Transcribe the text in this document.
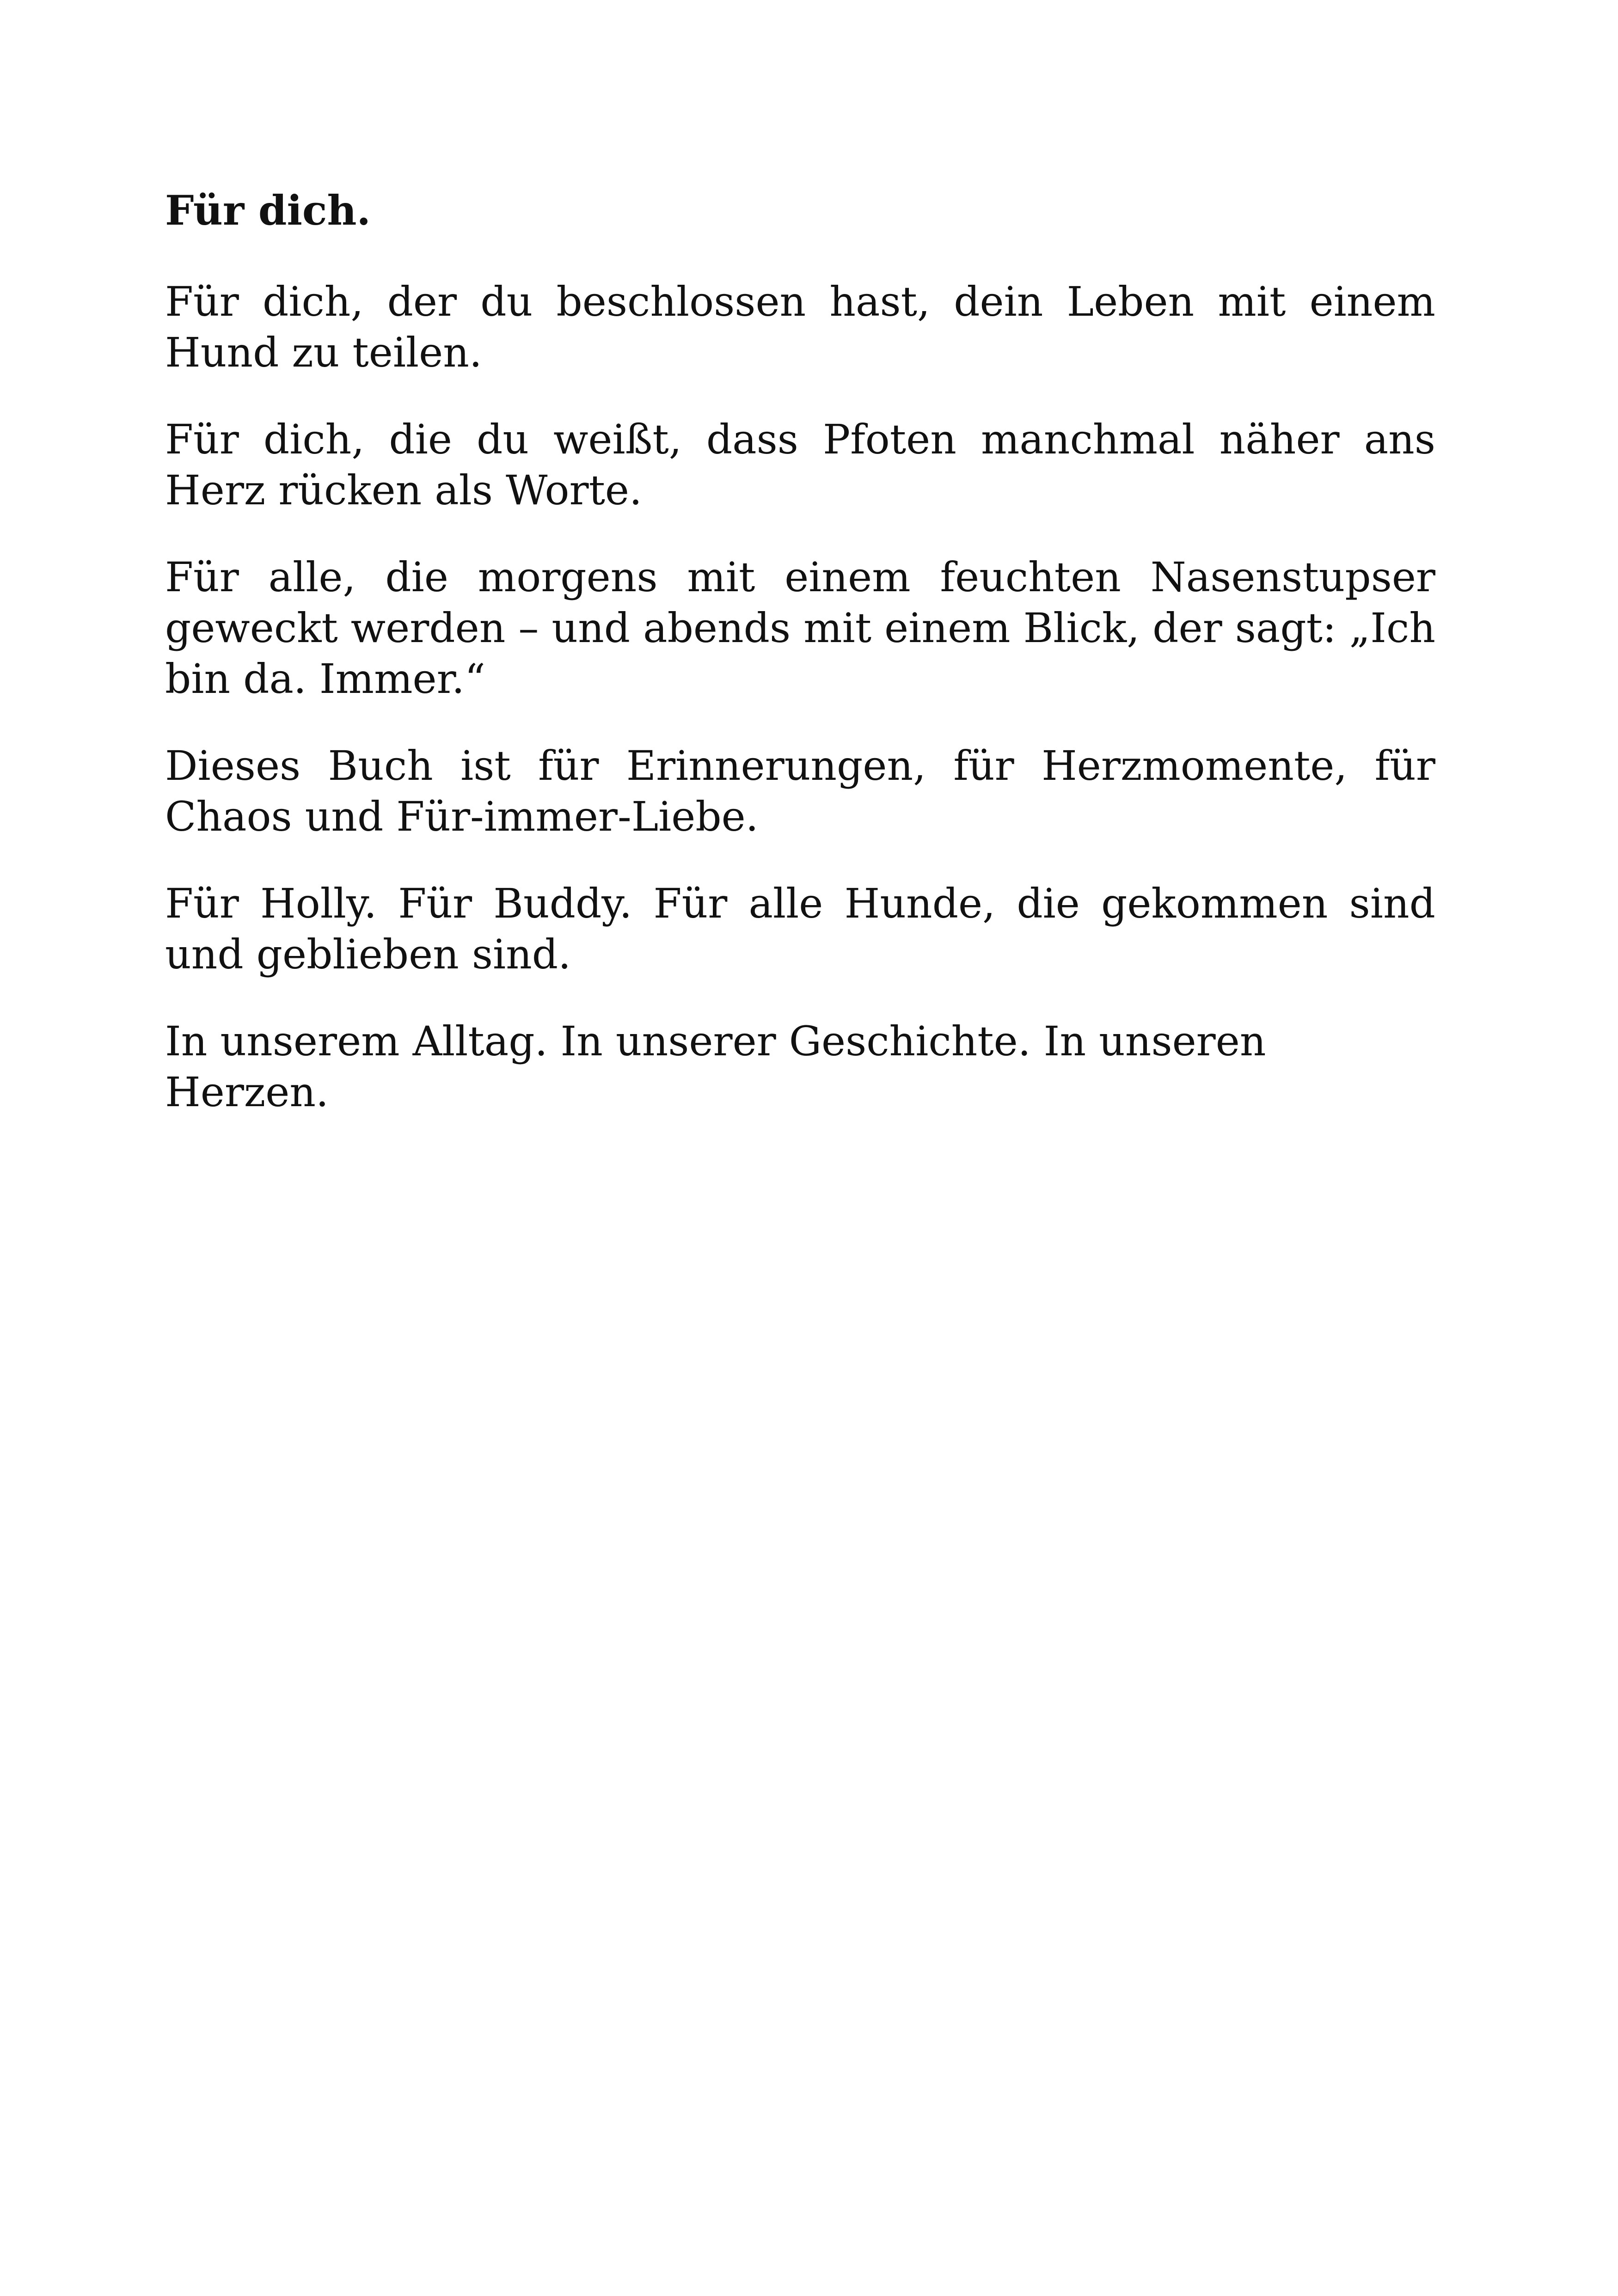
Für dich.

Für dich, der du beschlossen hast, dein Leben mit einem Hund zu teilen.

Für dich, die du weißt, dass Pfoten manchmal näher ans Herz rücken als Worte.

Für alle, die morgens mit einem feuchten Nasenstupser geweckt werden – und abends mit einem Blick, der sagt: „Ich bin da. Immer.“

Dieses Buch ist für Erinnerungen, für Herzmomente, für Chaos und Für-immer-Liebe.

Für Holly. Für Buddy. Für alle Hunde, die gekommen sind und geblieben sind.

In unserem Alltag. In unserer Geschichte. In unseren Herzen.
